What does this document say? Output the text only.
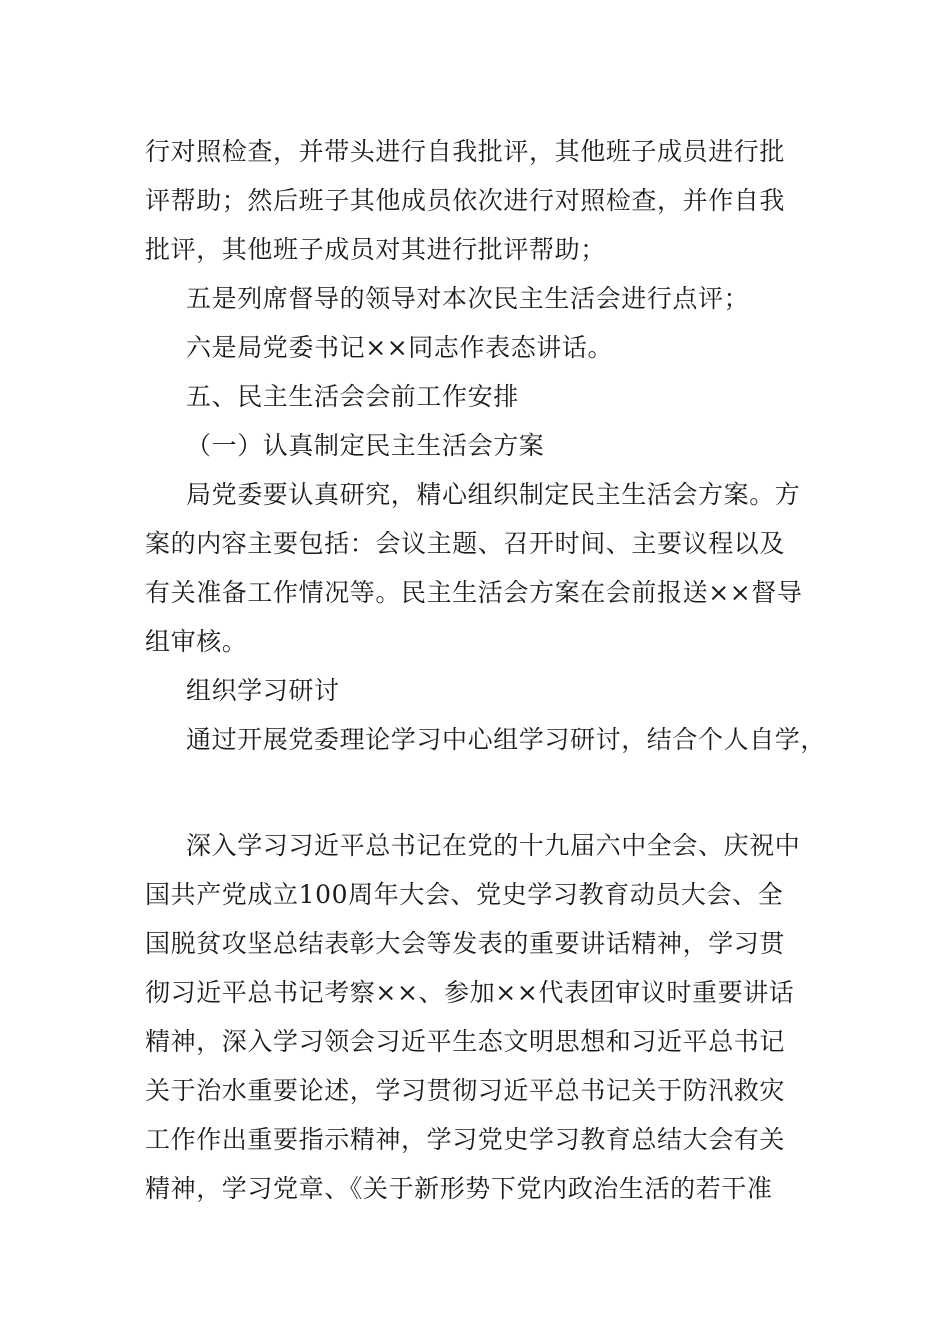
行对照检查，并带头进行自我批评，其他班子成员进行批
评帮助；然后班子其他成员依次进行对照检查，并作自我
批评，其他班子成员对其进行批评帮助；
五是列席督导的领导对本次民主生活会进行点评；
六是局党委书记××同志作表态讲话。
五、民主生活会会前工作安排
（一）认真制定民主生活会方案
局党委要认真研究，精心组织制定民主生活会方案。方
案的内容主要包括：会议主题、召开时间、主要议程以及
有关准备工作情况等。民主生活会方案在会前报送××督导
组审核。
组织学习研讨
通过开展党委理论学习中心组学习研讨，结合个人自学，
深入学习习近平总书记在党的十九届六中全会、庆祝中
国共产党成立100周年大会、党史学习教育动员大会、全
国脱贫攻坚总结表彰大会等发表的重要讲话精神，学习贯
彻习近平总书记考察××、参加××代表团审议时重要讲话
精神，深入学习领会习近平生态文明思想和习近平总书记
关于治水重要论述，学习贯彻习近平总书记关于防汛救灾
工作作出重要指示精神，学习党史学习教育总结大会有关
精神，学习党章、《关于新形势下党内政治生活的若干准
